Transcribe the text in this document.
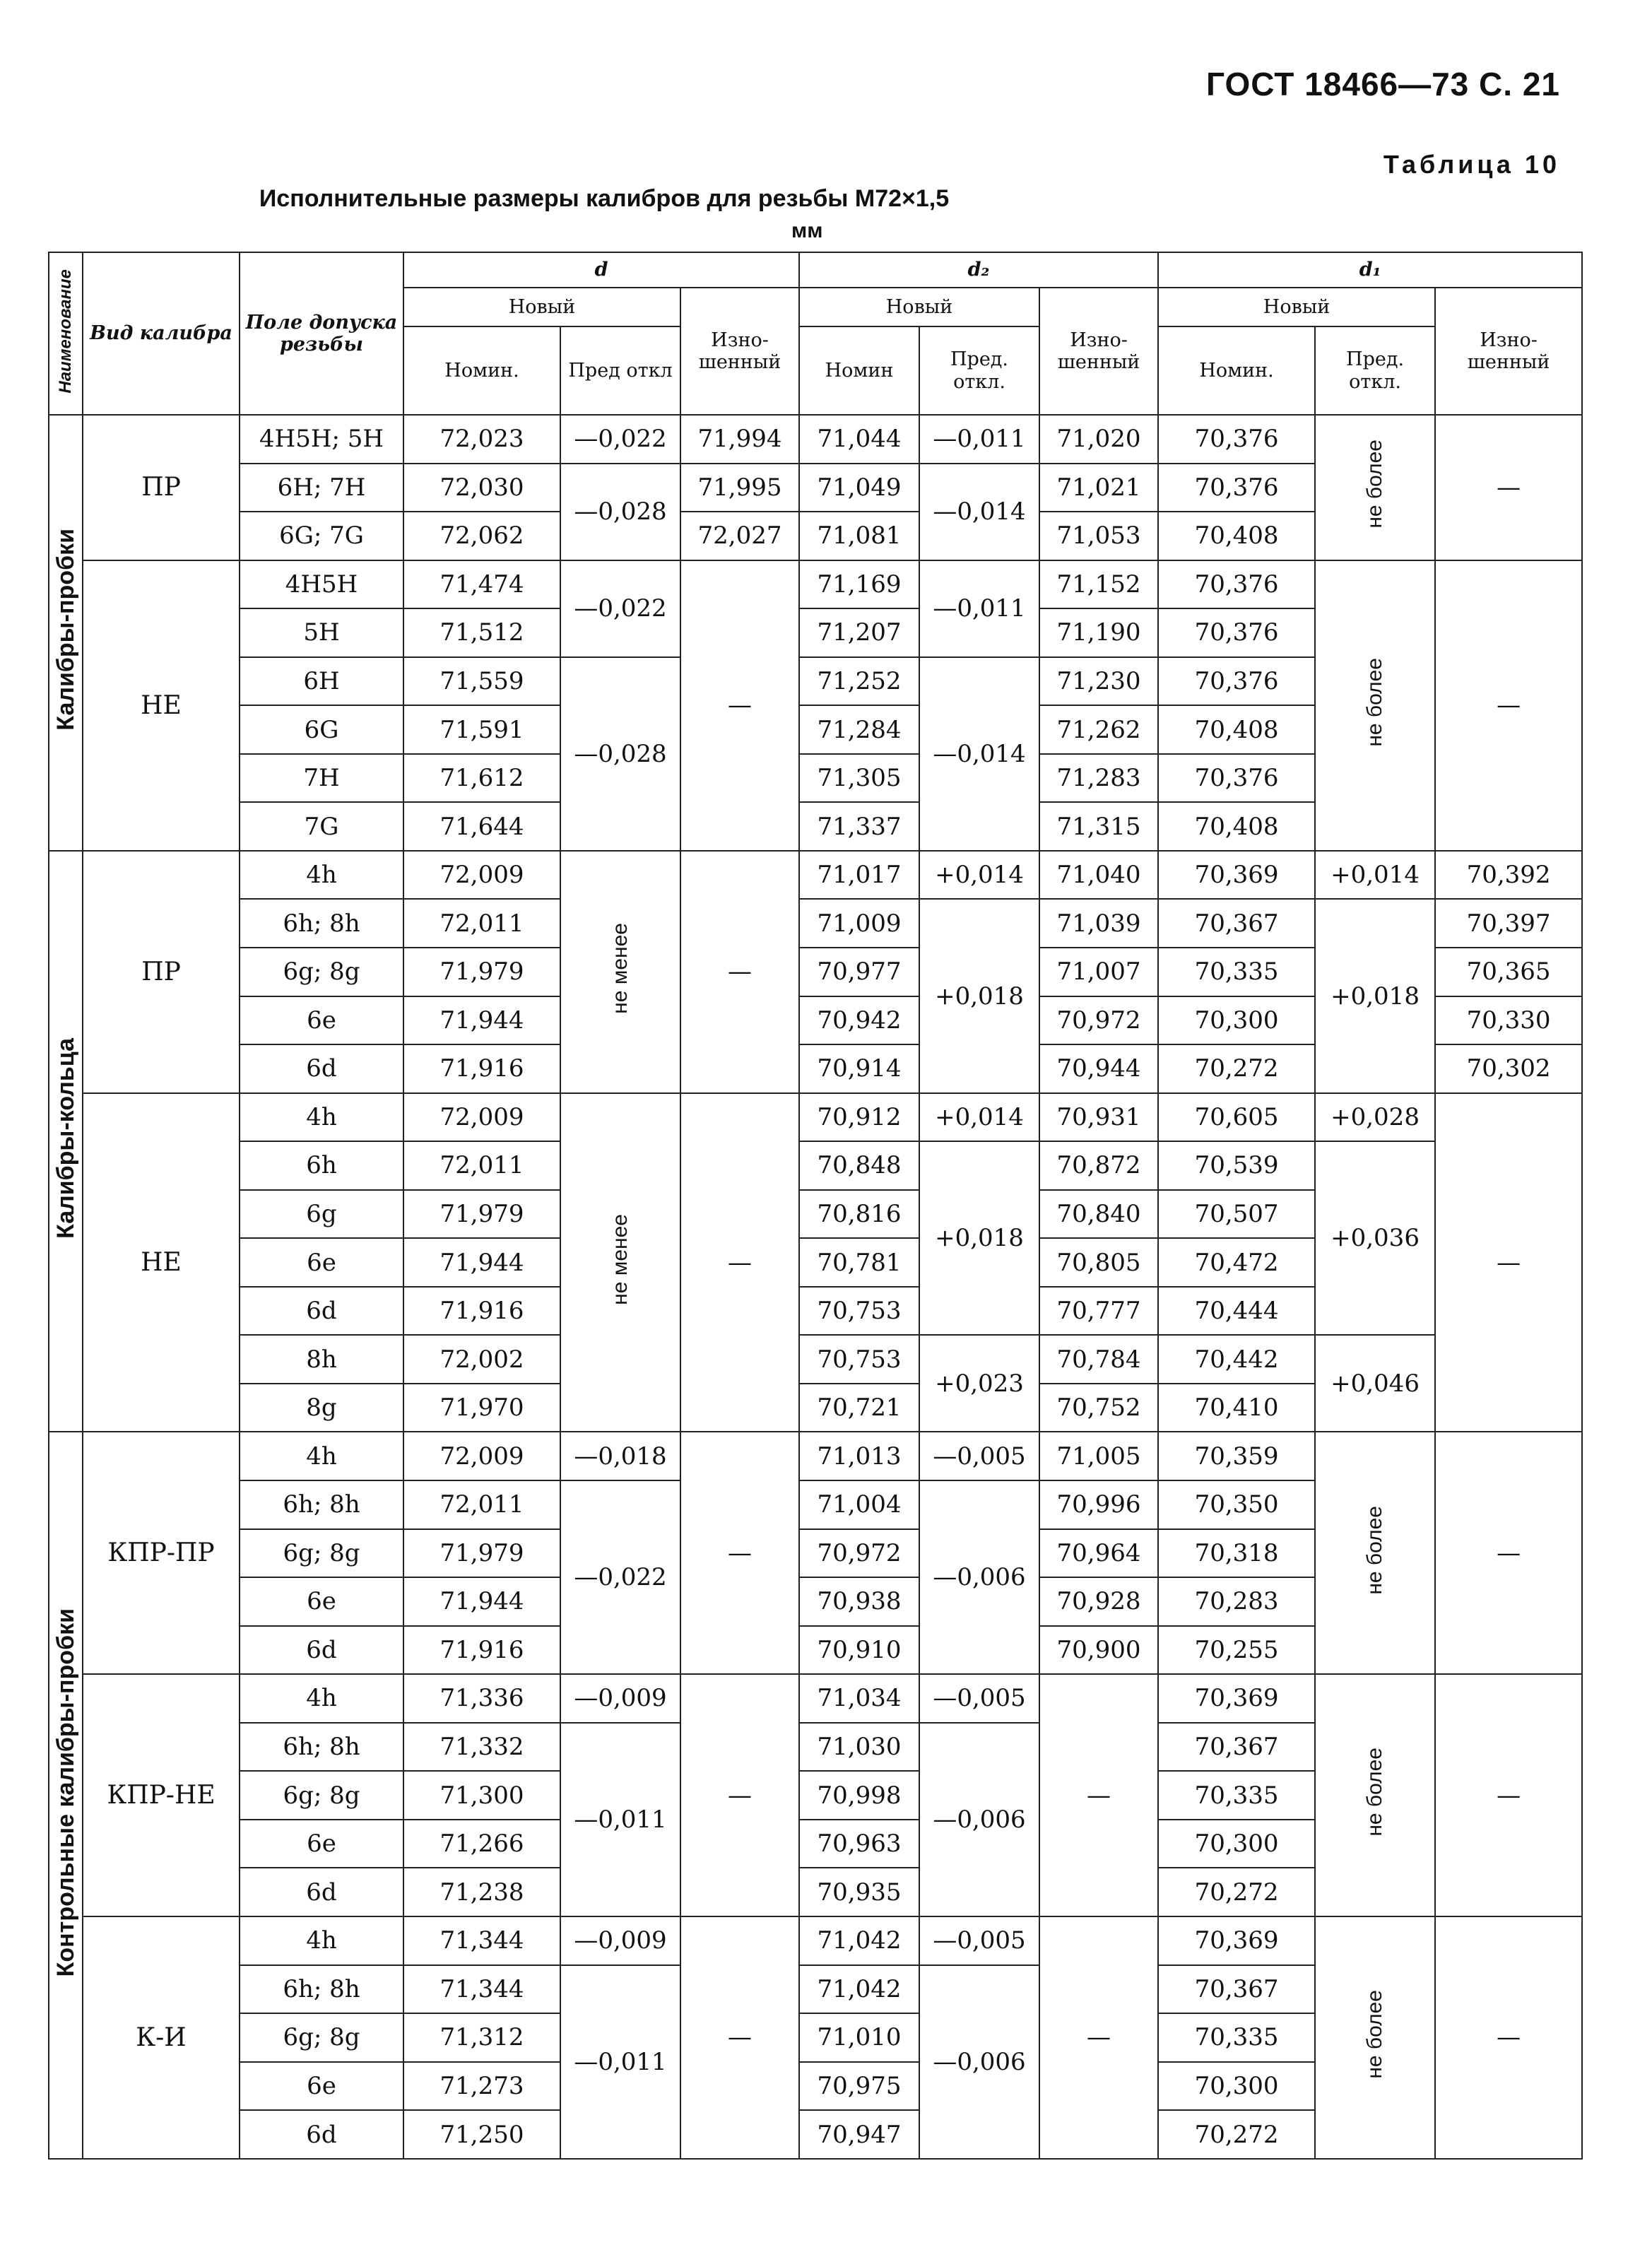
ГОСТ 18466—73 С. 21
Таблица 10
Исполнительные размеры калибров для резьбы М72×1,5
мм
Наименование	Вид калибра	Поле допуска резьбы	d			d₂			d₁		
			Новый		Изно-шенный	Новый		Изно-шенный	Новый		Изно-шенный
			Номин.	Пред откл		Номин	Пред. откл.		Номин.	Пред. откл.	
Калибры-пробки	ПР	4H5H; 5H	72,023	—0,022	71,994	71,044	—0,011	71,020	70,376	не более	—
		6H; 7H	72,030	—0,028	71,995	71,049	—0,014	71,021	70,376		
		6G; 7G	72,062		72,027	71,081		71,053	70,408		
	НЕ	4H5H	71,474	—0,022	—	71,169	—0,011	71,152	70,376	не более	—
		5H	71,512			71,207		71,190	70,376		
		6H	71,559	—0,028		71,252	—0,014	71,230	70,376		
		6G	71,591			71,284		71,262	70,408		
		7H	71,612			71,305		71,283	70,376		
		7G	71,644			71,337		71,315	70,408		
Калибры-кольца	ПР	4h	72,009	не менее	—	71,017	+0,014	71,040	70,369	+0,014	70,392
		6h; 8h	72,011			71,009	+0,018	71,039	70,367	+0,018	70,397
		6g; 8g	71,979			70,977		71,007	70,335		70,365
		6e	71,944			70,942		70,972	70,300		70,330
		6d	71,916			70,914		70,944	70,272		70,302
	НЕ	4h	72,009	не менее	—	70,912	+0,014	70,931	70,605	+0,028	—
		6h	72,011			70,848	+0,018	70,872	70,539	+0,036	
		6g	71,979			70,816		70,840	70,507		
		6e	71,944			70,781		70,805	70,472		
		6d	71,916			70,753		70,777	70,444		
		8h	72,002			70,753	+0,023	70,784	70,442	+0,046	
		8g	71,970			70,721		70,752	70,410		
Контрольные калибры-пробки	КПР-ПР	4h	72,009	—0,018	—	71,013	—0,005	71,005	70,359	не более	—
		6h; 8h	72,011	—0,022		71,004	—0,006	70,996	70,350		
		6g; 8g	71,979			70,972		70,964	70,318		
		6e	71,944			70,938		70,928	70,283		
		6d	71,916			70,910		70,900	70,255		
	КПР-НЕ	4h	71,336	—0,009	—	71,034	—0,005	—	70,369	не более	—
		6h; 8h	71,332	—0,011		71,030	—0,006		70,367		
		6g; 8g	71,300			70,998			70,335		
		6e	71,266			70,963			70,300		
		6d	71,238			70,935			70,272		
	К-И	4h	71,344	—0,009	—	71,042	—0,005	—	70,369	не более	—
		6h; 8h	71,344	—0,011		71,042	—0,006		70,367		
		6g; 8g	71,312			71,010			70,335		
		6e	71,273			70,975			70,300		
		6d	71,250			70,947			70,272		
